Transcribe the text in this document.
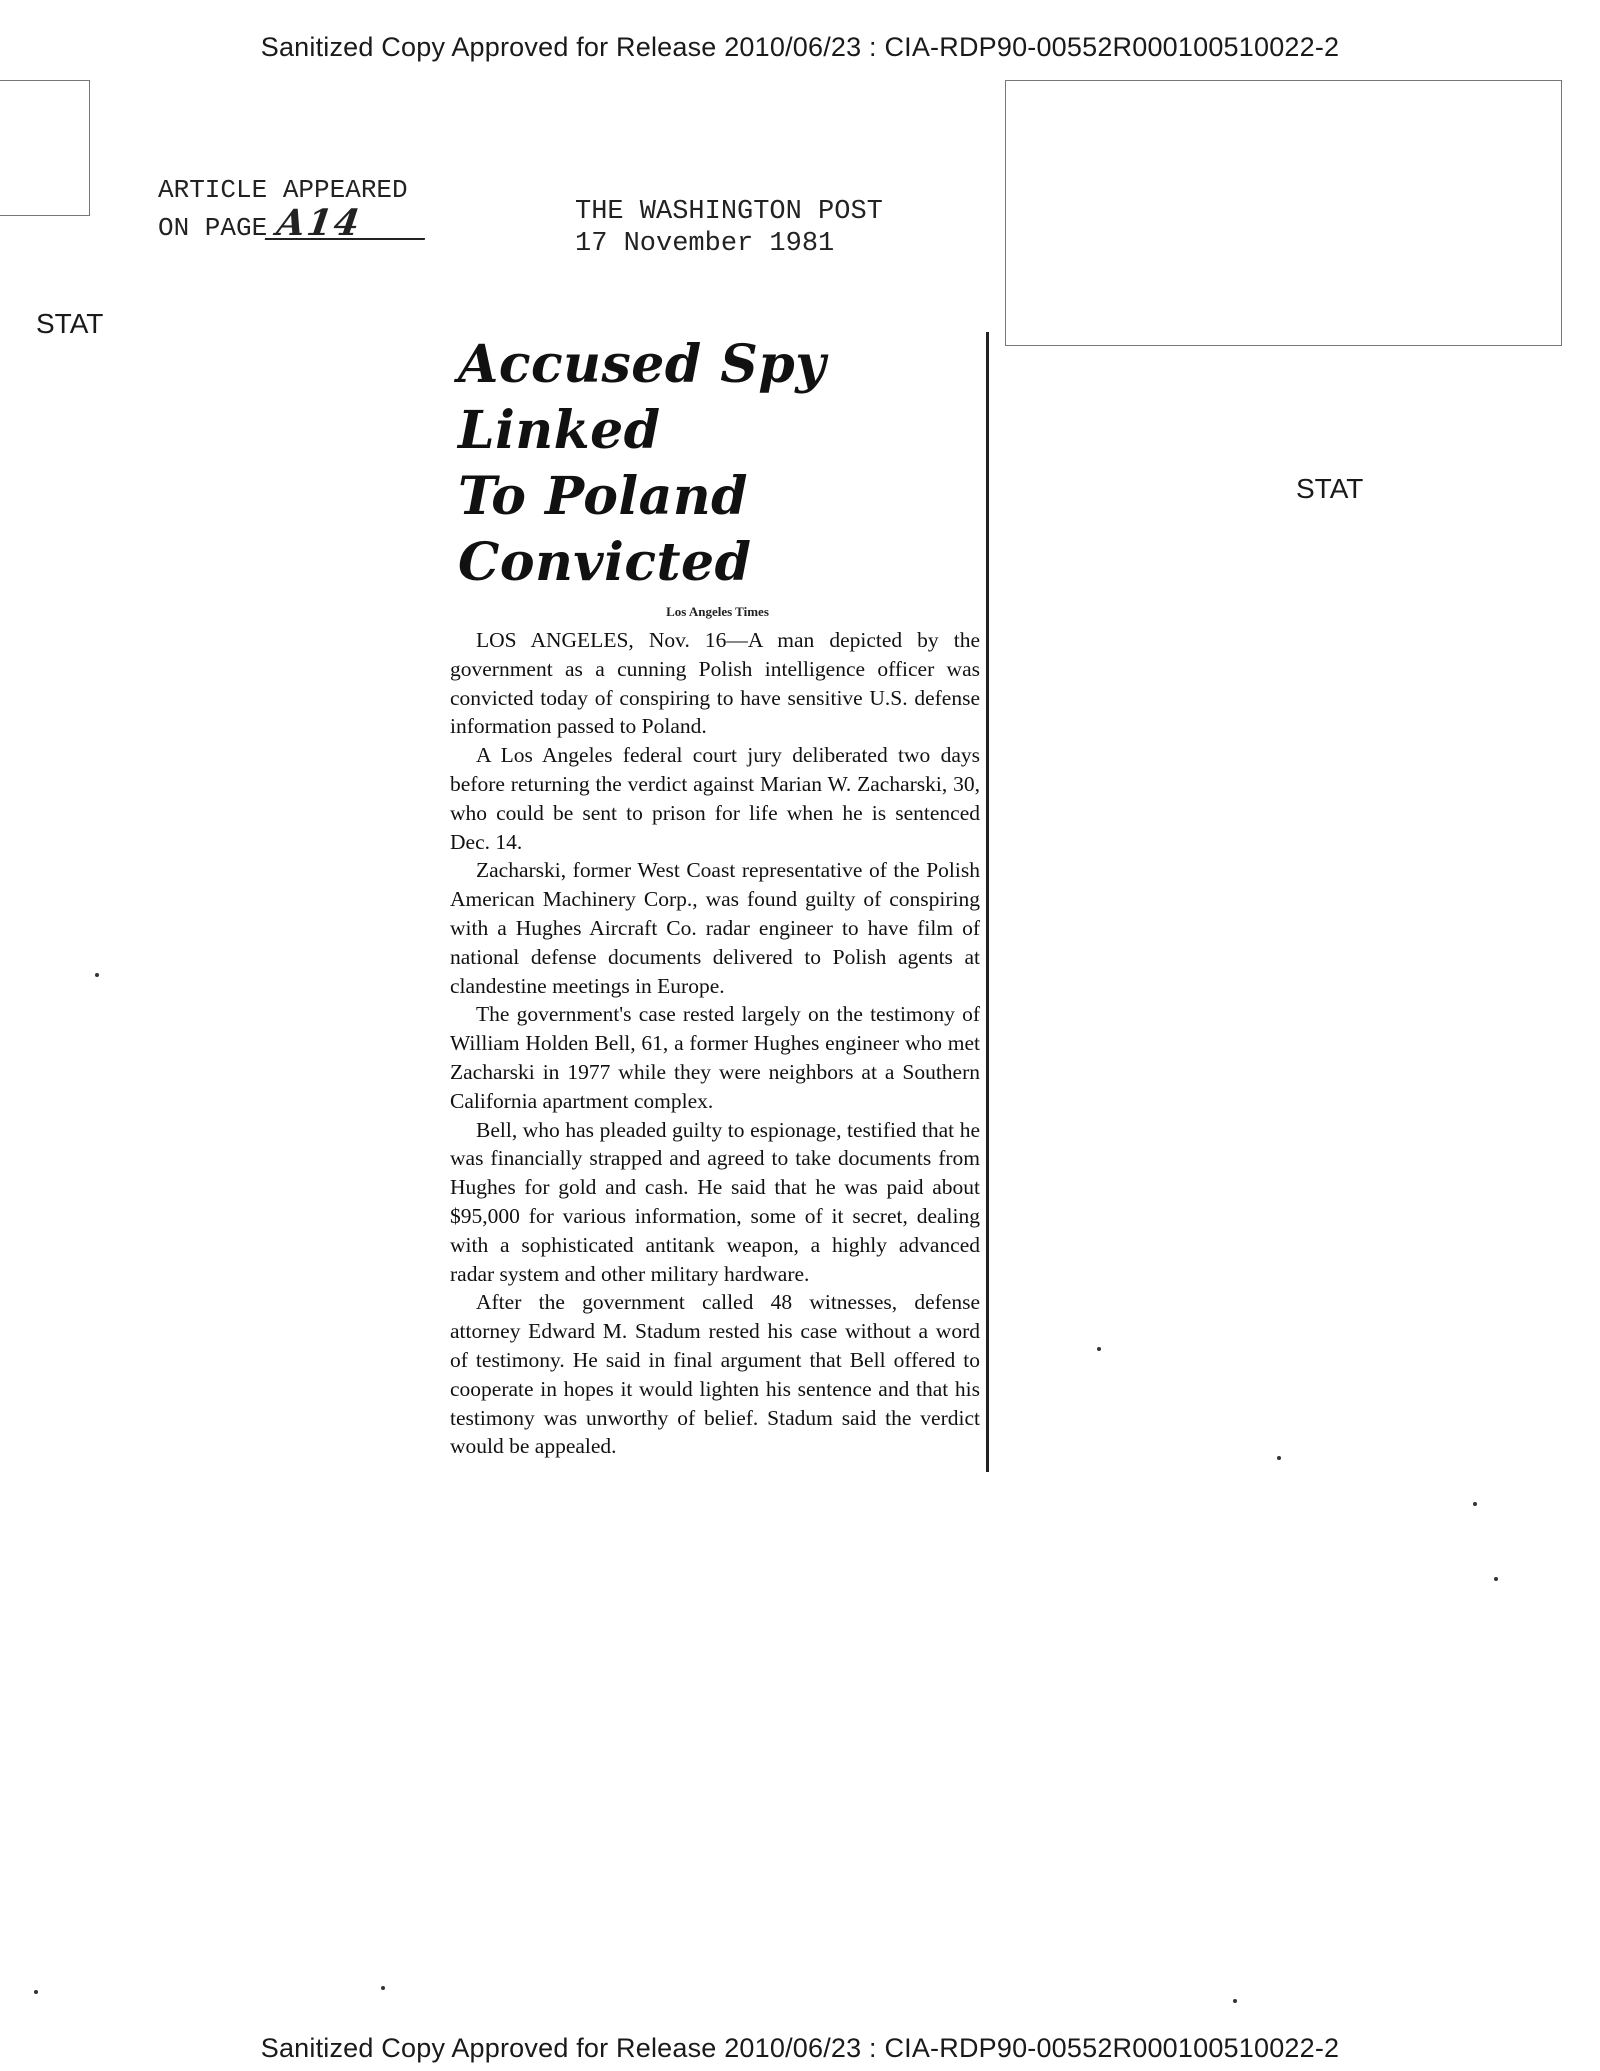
Sanitized Copy Approved for Release 2010/06/23 : CIA-RDP90-00552R000100510022-2
ARTICLE APPEARED
ON PAGE A14	THE WASHINGTON POST
17 November 1981
STAT
STAT
Accused Spy Linked
To Poland Convicted
Los Angeles Times

LOS ANGELES, Nov. 16—A man depicted by the government as a cunning Polish intelligence officer was convicted today of conspiring to have sensitive U.S. defense information passed to Poland.

A Los Angeles federal court jury deliberated two days before returning the verdict against Marian W. Zacharski, 30, who could be sent to prison for life when he is sentenced Dec. 14.

Zacharski, former West Coast representative of the Polish American Machinery Corp., was found guilty of conspiring with a Hughes Aircraft Co. radar engineer to have film of national defense documents delivered to Polish agents at clandestine meetings in Europe.

The government's case rested largely on the testimony of William Holden Bell, 61, a former Hughes engineer who met Zacharski in 1977 while they were neighbors at a Southern California apartment complex.

Bell, who has pleaded guilty to espionage, testified that he was financially strapped and agreed to take documents from Hughes for gold and cash. He said that he was paid about $95,000 for various information, some of it secret, dealing with a sophisticated antitank weapon, a highly advanced radar system and other military hardware.

After the government called 48 witnesses, defense attorney Edward M. Stadum rested his case without a word of testimony. He said in final argument that Bell offered to cooperate in hopes it would lighten his sentence and that his testimony was unworthy of belief. Stadum said the verdict would be appealed.

Sanitized Copy Approved for Release 2010/06/23 : CIA-RDP90-00552R000100510022-2
